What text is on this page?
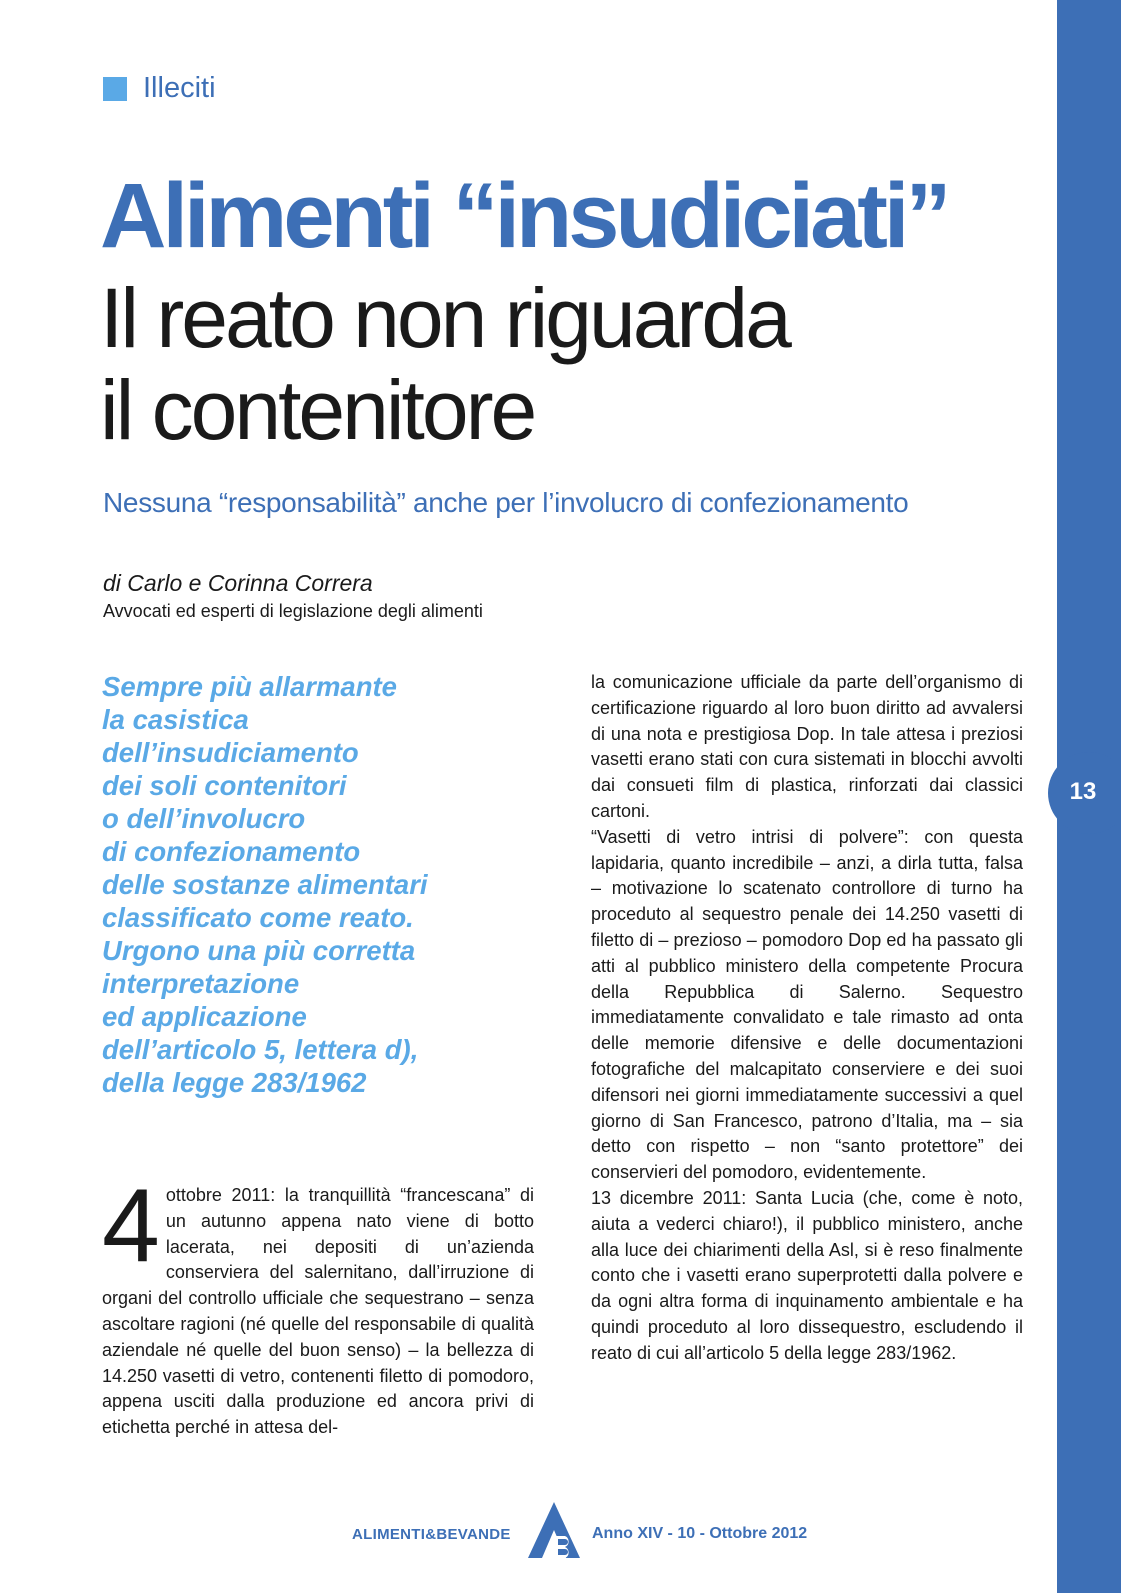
13
Illeciti
Alimenti “insudiciati”
Il reato non riguarda
il contenitore
Nessuna “responsabilità” anche per l’involucro di confezionamento
di Carlo e Corinna Correra
Avvocati ed esperti di legislazione degli alimenti
Sempre più allarmante
la casistica
dell’insudiciamento
dei soli contenitori
o dell’involucro
di confezionamento
delle sostanze alimentari
classificato come reato.
Urgono una più corretta
interpretazione
ed applicazione
dell’articolo 5, lettera d),
della legge 283/1962
4 ottobre 2011: la tranquillità “francescana” di un autunno appena nato viene di botto lacerata, nei depositi di un’azienda conserviera del salernitano, dall’irruzione di organi del controllo ufficiale che sequestrano – senza ascoltare ragioni (né quelle del responsabile di qualità aziendale né quelle del buon senso) – la bellezza di 14.250 vasetti di vetro, contenenti filetto di pomodoro, appena usciti dalla produzione ed ancora privi di etichetta perché in attesa del-

la comunicazione ufficiale da parte dell’organismo di certificazione riguardo al loro buon diritto ad avvalersi di una nota e prestigiosa Dop. In tale attesa i preziosi vasetti erano stati con cura sistemati in blocchi avvolti dai consueti film di plastica, rinforzati dai classici cartoni.

“Vasetti di vetro intrisi di polvere”: con questa lapidaria, quanto incredibile – anzi, a dirla tutta, falsa – motivazione lo scatenato controllore di turno ha proceduto al sequestro penale dei 14.250 vasetti di filetto di – prezioso – pomodoro Dop ed ha passato gli atti al pubblico ministero della competente Procura della Repubblica di Salerno. Sequestro immediatamente convalidato e tale rimasto ad onta delle memorie difensive e delle documentazioni fotografiche del malcapitato conserviere e dei suoi difensori nei giorni immediatamente successivi a quel giorno di San Francesco, patrono d’Italia, ma – sia detto con rispetto – non “santo protettore” dei conservieri del pomodoro, evidentemente.

13 dicembre 2011: Santa Lucia (che, come è noto, aiuta a vederci chiaro!), il pubblico ministero, anche alla luce dei chiarimenti della Asl, si è reso finalmente conto che i vasetti erano superprotetti dalla polvere e da ogni altra forma di inquinamento ambientale e ha quindi proceduto al loro dissequestro, escludendo il reato di cui all’articolo 5 della legge 283/1962.

ALIMENTI&BEVANDE	Anno XIV - 10 - Ottobre 2012
